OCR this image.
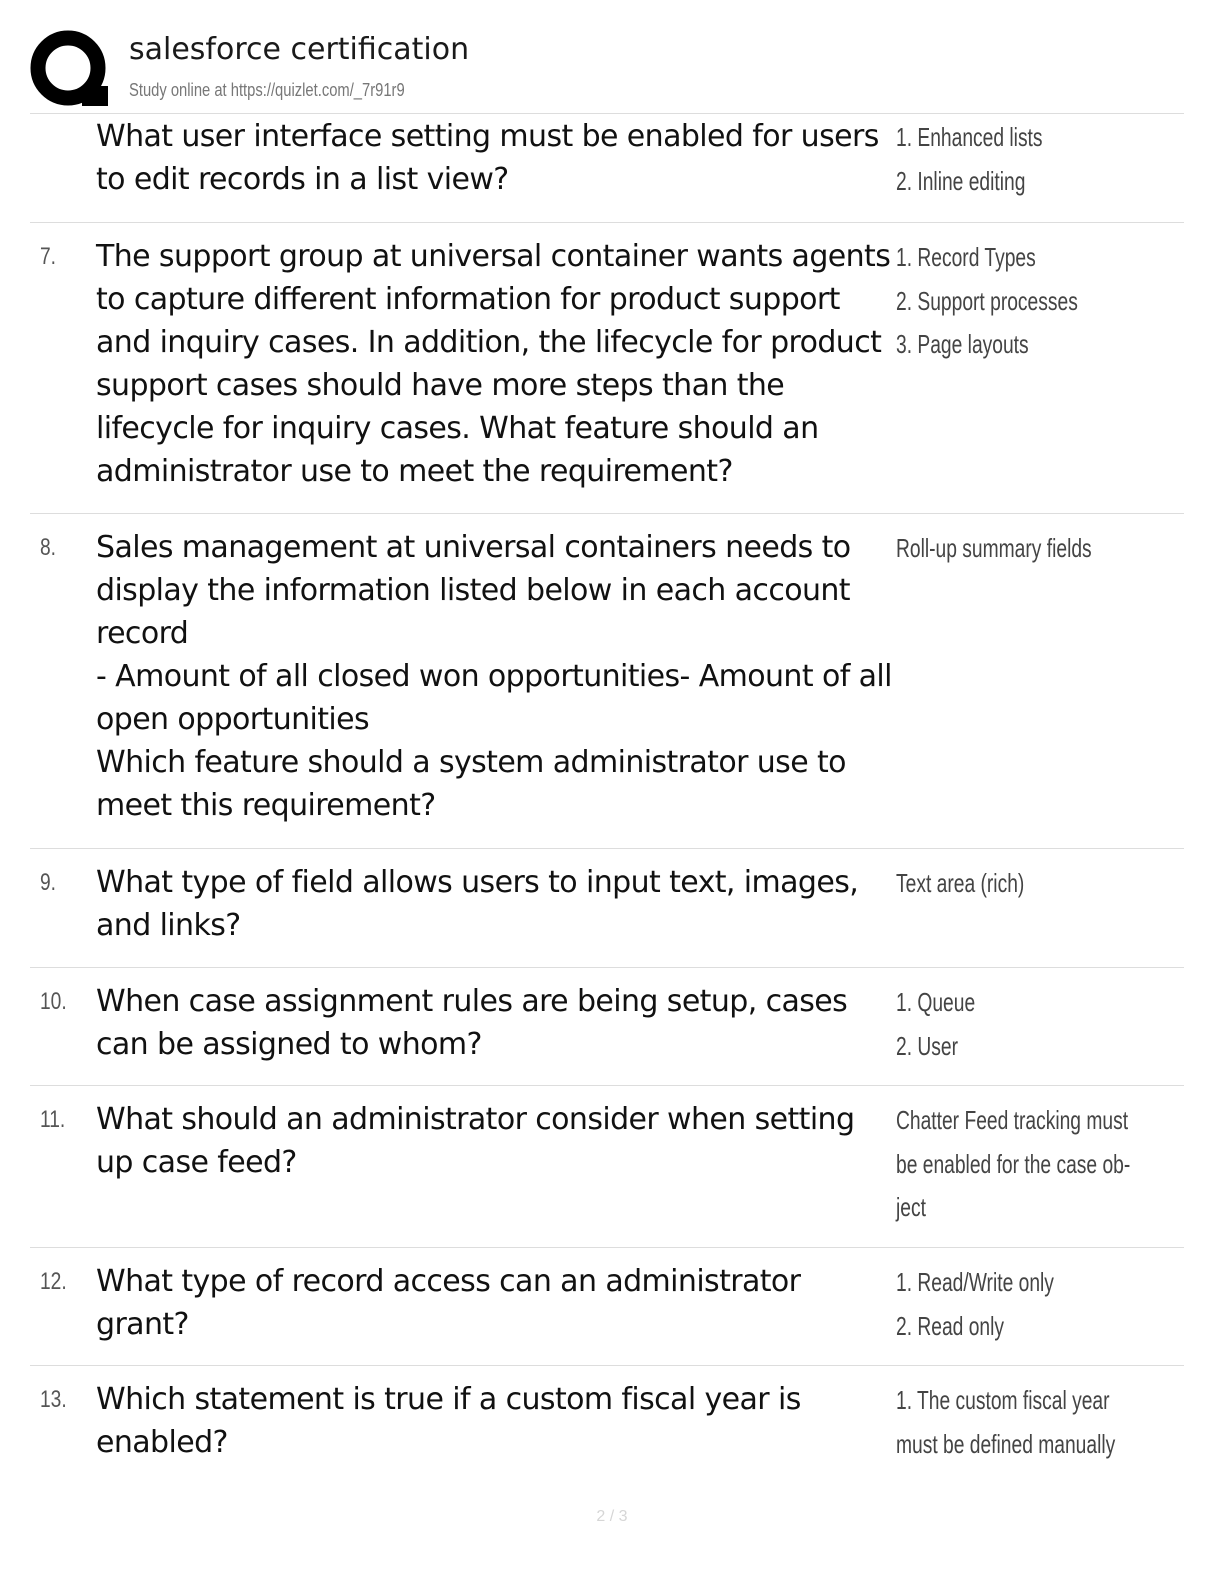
salesforce certification
Study online at https://quizlet.com/_7r91r9
What user interface setting must be enabled for users to edit records in a list view?
1. Enhanced lists
2. Inline editing
7. The support group at universal container wants agents to capture different information for product support and inquiry cases. In addition, the lifecycle for product support cases should have more steps than the lifecycle for inquiry cases. What feature should an administrator use to meet the requirement?
1. Record Types
2. Support processes
3. Page layouts
8. Sales management at universal containers needs to display the information listed below in each account record
- Amount of all closed won opportunities- Amount of all open opportunities
Which feature should a system administrator use to meet this requirement?
Roll-up summary fields
9. What type of field allows users to input text, images, and links?
Text area (rich)
10. When case assignment rules are being setup, cases can be assigned to whom?
1. Queue
2. User
11. What should an administrator consider when setting up case feed?
Chatter Feed tracking must
be enabled for the case ob-
ject
12. What type of record access can an administrator grant?
1. Read/Write only
2. Read only
13. Which statement is true if a custom fiscal year is enabled?
1. The custom fiscal year
must be defined manually
2 / 3
